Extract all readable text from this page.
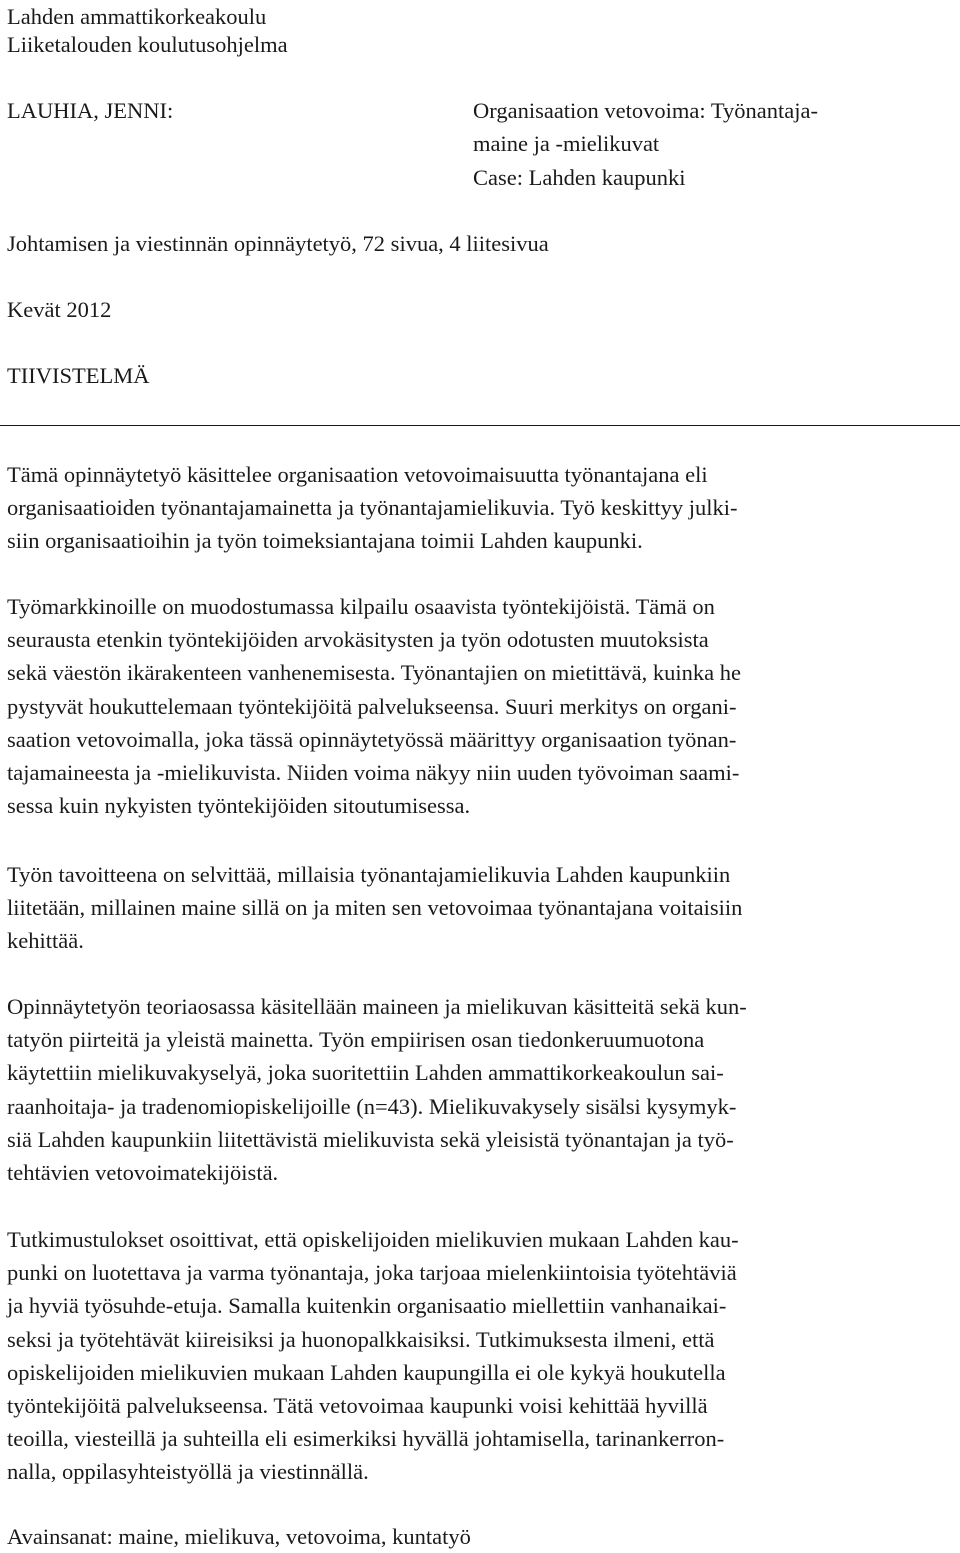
Lahden ammattikorkeakoulu
Liiketalouden koulutusohjelma
LAUHIA, JENNI:	Organisaation vetovoima: Työnantaja-
maine ja -mielikuvat
Case: Lahden kaupunki
Johtamisen ja viestinnän opinnäytetyö, 72 sivua, 4 liitesivua
Kevät 2012
TIIVISTELMÄ
Tämä opinnäytetyö käsittelee organisaation vetovoimaisuutta työnantajana eli
organisaatioiden työnantajamainetta ja työnantajamielikuvia. Työ keskittyy julki-
siin organisaatioihin ja työn toimeksiantajana toimii Lahden kaupunki.
Työmarkkinoille on muodostumassa kilpailu osaavista työntekijöistä. Tämä on
seurausta etenkin työntekijöiden arvokäsitysten ja työn odotusten muutoksista
sekä väestön ikärakenteen vanhenemisesta. Työnantajien on mietittävä, kuinka he
pystyvät houkuttelemaan työntekijöitä palvelukseensa. Suuri merkitys on organi-
saation vetovoimalla, joka tässä opinnäytetyössä määrittyy organisaation työnan-
tajamaineesta ja -mielikuvista. Niiden voima näkyy niin uuden työvoiman saami-
sessa kuin nykyisten työntekijöiden sitoutumisessa.
Työn tavoitteena on selvittää, millaisia työnantajamielikuvia Lahden kaupunkiin
liitetään, millainen maine sillä on ja miten sen vetovoimaa työnantajana voitaisiin
kehittää.
Opinnäytetyön teoriaosassa käsitellään maineen ja mielikuvan käsitteitä sekä kun-
tatyön piirteitä ja yleistä mainetta. Työn empiirisen osan tiedonkeruumuotona
käytettiin mielikuvakyselyä, joka suoritettiin Lahden ammattikorkeakoulun sai-
raanhoitaja- ja tradenomiopiskelijoille (n=43). Mielikuvakysely sisälsi kysymyk-
siä Lahden kaupunkiin liitettävistä mielikuvista sekä yleisistä työnantajan ja työ-
tehtävien vetovoimatekijöistä.
Tutkimustulokset osoittivat, että opiskelijoiden mielikuvien mukaan Lahden kau-
punki on luotettava ja varma työnantaja, joka tarjoaa mielenkiintoisia työtehtäviä
ja hyviä työsuhde-etuja. Samalla kuitenkin organisaatio miellettiin vanhanaikai-
seksi ja työtehtävät kiireisiksi ja huonopalkkaisiksi. Tutkimuksesta ilmeni, että
opiskelijoiden mielikuvien mukaan Lahden kaupungilla ei ole kykyä houkutella
työntekijöitä palvelukseensa. Tätä vetovoimaa kaupunki voisi kehittää hyvillä
teoilla, viesteillä ja suhteilla eli esimerkiksi hyvällä johtamisella, tarinankerron-
nalla, oppilasyhteistyöllä ja viestinnällä.
Avainsanat: maine, mielikuva, vetovoima, kuntatyö
